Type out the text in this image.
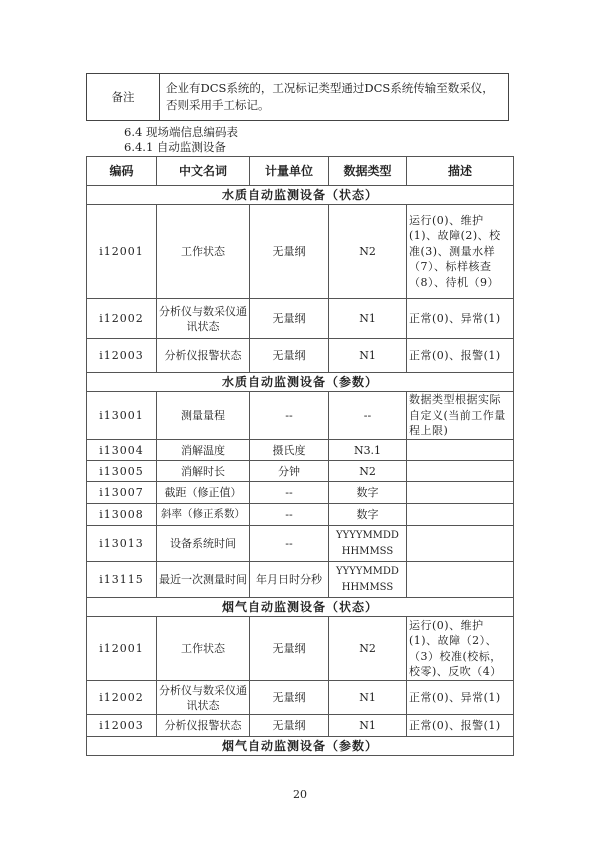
备注	企业有DCS系统的，工况标记类型通过DCS系统传输至数采仪，否则采用手工标记。
6.4 现场端信息编码表
6.4.1 自动监测设备
编码	中文名词	计量单位	数据类型	描述
水质自动监测设备（状态）				
i12001	工作状态	无量纲	N2	运行(0)、维护(1)、故障(2)、校准(3)、测量水样（7）、标样核查（8）、待机（9）
i12002	分析仪与数采仪通讯状态	无量纲	N1	正常(0)、异常(1)
i12003	分析仪报警状态	无量纲	N1	正常(0)、报警(1)
水质自动监测设备（参数）				
i13001	测量量程	--	--	数据类型根据实际自定义(当前工作量程上限)
i13004	消解温度	摄氏度	N3.1	
i13005	消解时长	分钟	N2	
i13007	截距（修正值）	--	数字	
i13008	斜率（修正系数）	--	数字	
i13013	设备系统时间	--	YYYYMMDD HHMMSS	
i13115	最近一次测量时间	年月日时分秒	YYYYMMDD HHMMSS	
烟气自动监测设备（状态）				
i12001	工作状态	无量纲	N2	运行(0)、维护(1)、故障（2）、（3）校准(校标，校零)、反吹（4）
i12002	分析仪与数采仪通讯状态	无量纲	N1	正常(0)、异常(1)
i12003	分析仪报警状态	无量纲	N1	正常(0)、报警(1)
烟气自动监测设备（参数）				
20
